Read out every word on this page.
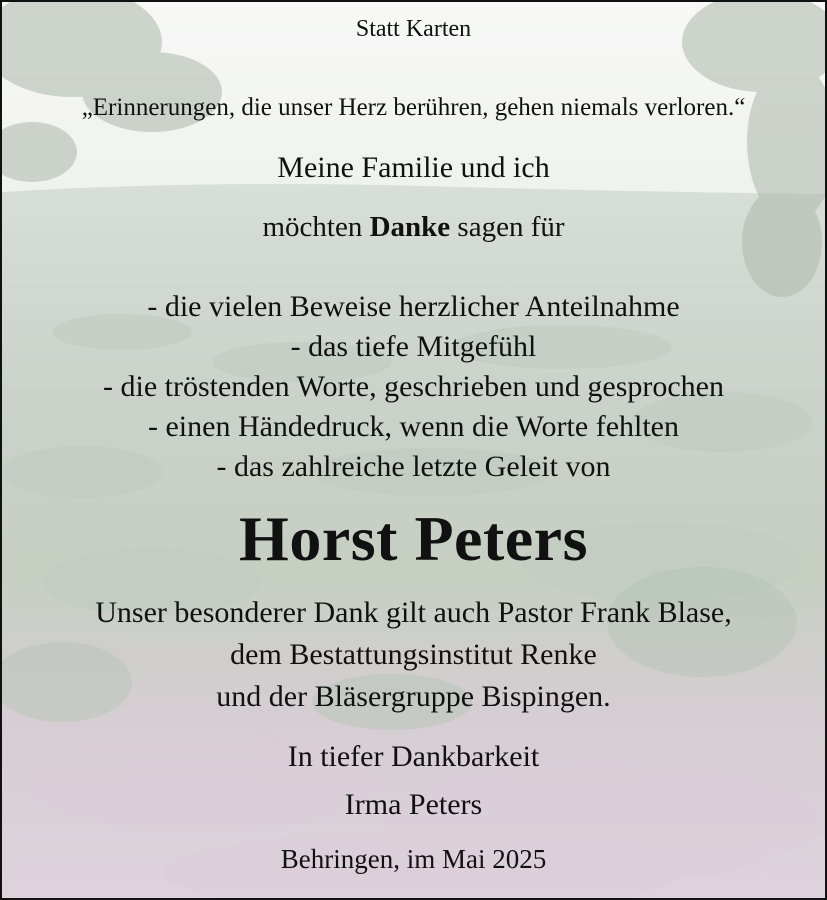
Statt Karten
„Erinnerungen, die unser Herz berühren, gehen niemals verloren.“
Meine Familie und ich
möchten Danke sagen für
- die vielen Beweise herzlicher Anteilnahme
- das tiefe Mitgefühl
- die tröstenden Worte, geschrieben und gesprochen
- einen Händedruck, wenn die Worte fehlten
- das zahlreiche letzte Geleit von
Horst Peters
Unser besonderer Dank gilt auch Pastor Frank Blase,
dem Bestattungsinstitut Renke
und der Bläsergruppe Bispingen.
In tiefer Dankbarkeit
Irma Peters
Behringen, im Mai 2025
